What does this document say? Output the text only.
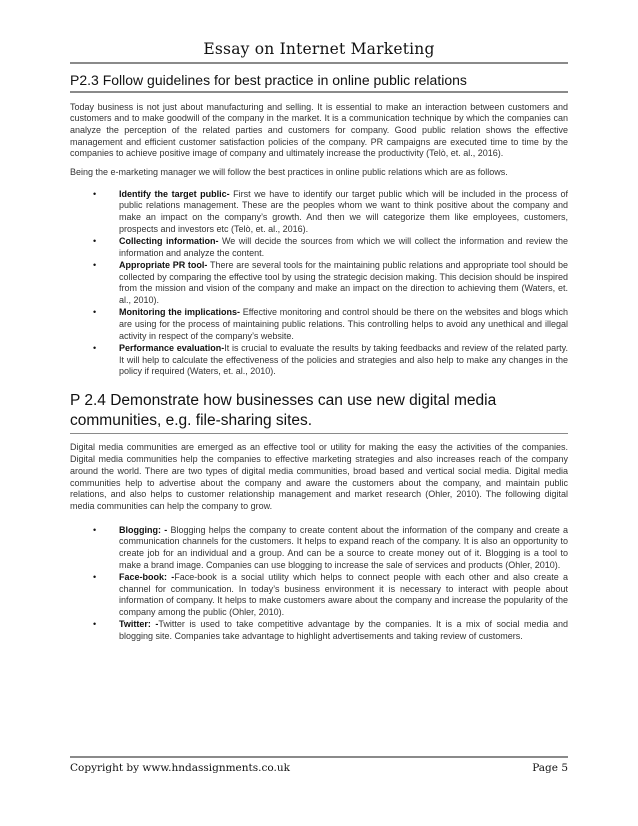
Essay on Internet Marketing
P2.3 Follow guidelines for best practice in online public relations

Today business is not just about manufacturing and selling. It is essential to make an interaction between customers and customers and to make goodwill of the company in the market. It is a communication technique by which the companies can analyze the perception of the related parties and customers for company. Good public relation shows the effective management and efficient customer satisfaction policies of the company. PR campaigns are executed time to time by the companies to achieve positive image of company and ultimately increase the productivity (Telò, et. al., 2016).

Being the e-marketing manager we will follow the best practices in online public relations which are as follows.

•	Identify the target public- First we have to identify our target public which will be included in the process of public relations management. These are the peoples whom we want to think positive about the company and make an impact on the company’s growth. And then we will categorize them like employees, customers, prospects and investors etc (Telò, et. al., 2016).
•	Collecting information- We will decide the sources from which we will collect the information and review the information and analyze the content.
•	Appropriate PR tool- There are several tools for the maintaining public relations and appropriate tool should be collected by comparing the effective tool by using the strategic decision making. This decision should be inspired from the mission and vision of the company and make an impact on the direction to achieving them (Waters, et. al., 2010).
•	Monitoring the implications- Effective monitoring and control should be there on the websites and blogs which are using for the process of maintaining public relations. This controlling helps to avoid any unethical and illegal activity in respect of the company’s website.
•	Performance evaluation-It is crucial to evaluate the results by taking feedbacks and review of the related party. It will help to calculate the effectiveness of the policies and strategies and also help to make any changes in the policy if required (Waters, et. al., 2010).
P 2.4 Demonstrate how businesses can use new digital media communities, e.g. file-sharing sites.

Digital media communities are emerged as an effective tool or utility for making the easy the activities of the companies. Digital media communities help the companies to effective marketing strategies and also increases reach of the company around the world. There are two types of digital media communities, broad based and vertical social media. Digital media communities help to advertise about the company and aware the customers about the company, and maintain public relations, and also helps to customer relationship management and market research (Ohler, 2010). The following digital media communities can help the company to grow.

•	Blogging: - Blogging helps the company to create content about the information of the company and create a communication channels for the customers. It helps to expand reach of the company. It is also an opportunity to create job for an individual and a group. And can be a source to create money out of it. Blogging is a tool to make a brand image. Companies can use blogging to increase the sale of services and products (Ohler, 2010).
•	Face-book: -Face-book is a social utility which helps to connect people with each other and also create a channel for communication. In today’s business environment it is necessary to interact with people about information of company. It helps to make customers aware about the company and increase the popularity of the company among the public (Ohler, 2010).
•	Twitter: -Twitter is used to take competitive advantage by the companies. It is a mix of social media and blogging site. Companies take advantage to highlight advertisements and taking review of customers.
Copyright by www.hndassignments.co.uk	Page 5
